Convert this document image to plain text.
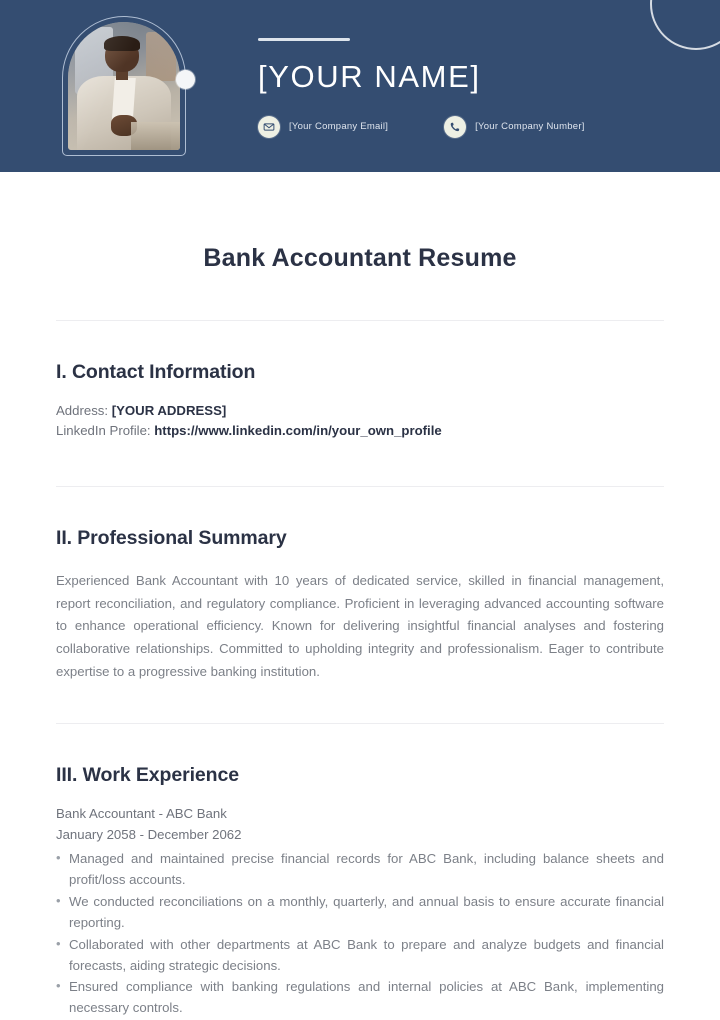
[YOUR NAME]
[Your Company Email]	[Your Company Number]
Bank Accountant Resume
I. Contact Information
Address: [YOUR ADDRESS]
LinkedIn Profile: https://www.linkedin.com/in/your_own_profile
II. Professional Summary

Experienced Bank Accountant with 10 years of dedicated service, skilled in financial management, report reconciliation, and regulatory compliance. Proficient in leveraging advanced accounting software to enhance operational efficiency. Known for delivering insightful financial analyses and fostering collaborative relationships. Committed to upholding integrity and professionalism. Eager to contribute expertise to a progressive banking institution.

III. Work Experience
Bank Accountant - ABC Bank
January 2058 - December 2062
• Managed and maintained precise financial records for ABC Bank, including balance sheets and profit/loss accounts.
• We conducted reconciliations on a monthly, quarterly, and annual basis to ensure accurate financial reporting.
• Collaborated with other departments at ABC Bank to prepare and analyze budgets and financial forecasts, aiding strategic decisions.
• Ensured compliance with banking regulations and internal policies at ABC Bank, implementing necessary controls.
